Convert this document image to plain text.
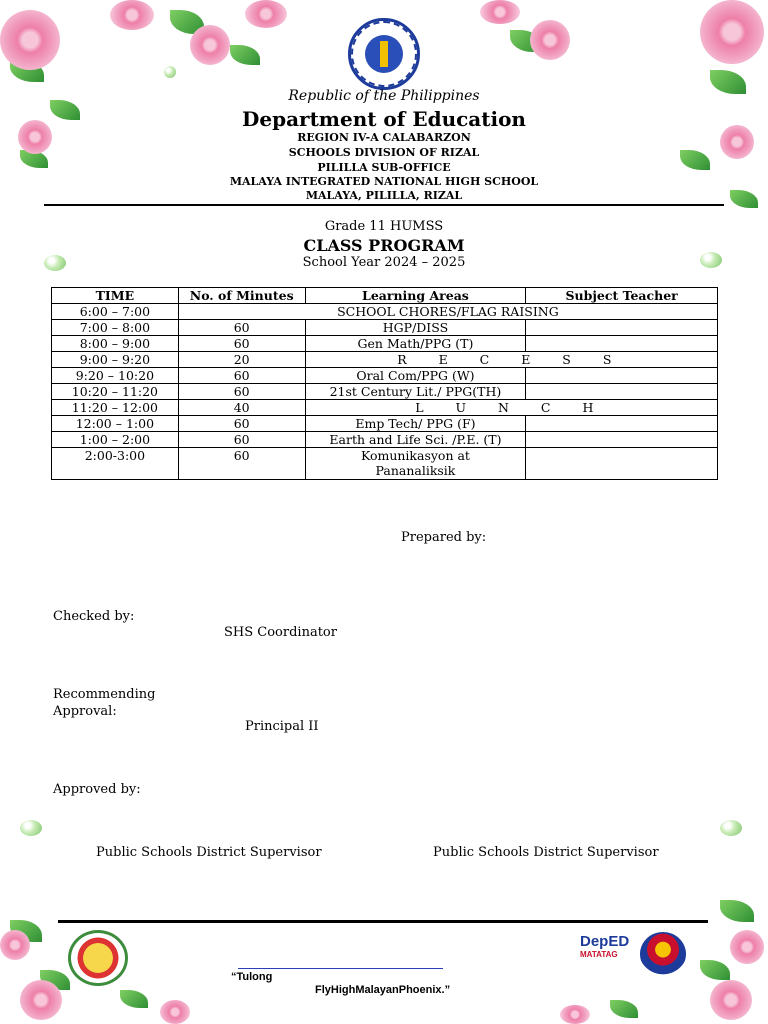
Republic of the Philippines
Department of Education
REGION IV-A CALABARZON
SCHOOLS DIVISION OF RIZAL
PILILLA SUB-OFFICE
MALAYA INTEGRATED NATIONAL HIGH SCHOOL
MALAYA, PILILLA, RIZAL
Grade 11 HUMSS
CLASS PROGRAM
School Year 2024 – 2025
TIME	No. of Minutes	Learning Areas	Subject Teacher
6:00 – 7:00	SCHOOL CHORES/FLAG RAISING		
7:00 – 8:00	60	HGP/DISS	
8:00 – 9:00	60	Gen Math/PPG (T)	
9:00 – 9:20	20	R E C E S S	
9:20 – 10:20	60	Oral Com/PPG (W)	
10:20 – 11:20	60	21st Century Lit./ PPG(TH)	
11:20 – 12:00	40	L U N C H	
12:00 – 1:00	60	Emp Tech/ PPG (F)	
1:00 – 2:00	60	Earth and Life Sci. /P.E. (T)	
2:00-3:00	60	Komunikasyon at
Pananaliksik	

Prepared by:
Checked by:
SHS Coordinator
Recommending
Approval:
Principal II
Approved by:
Public Schools District Supervisor	Public Schools District Supervisor
“Tulong
FlyHighMalayanPhoenix.”
DepED
MATATAG
